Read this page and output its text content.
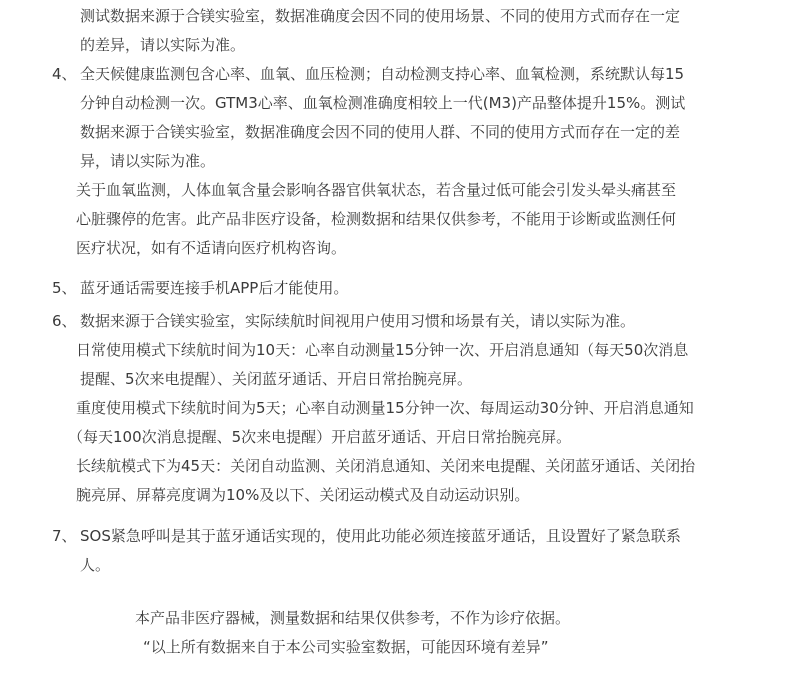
测试数据来源于合镁实验室，数据准确度会因不同的使用场景、不同的使用方式而存在一定
的差异，请以实际为准。
4、 全天候健康监测包含心率、血氧、血压检测；自动检测支持心率、血氧检测，系统默认每15
分钟自动检测一次。GTM3心率、血氧检测准确度相较上一代(M3)产品整体提升15%。测试
数据来源于合镁实验室，数据准确度会因不同的使用人群、不同的使用方式而存在一定的差
异，请以实际为准。
关于血氧监测，人体血氧含量会影响各器官供氧状态，若含量过低可能会引发头晕头痛甚至
心脏骤停的危害。此产品非医疗设备，检测数据和结果仅供参考，不能用于诊断或监测任何
医疗状况，如有不适请向医疗机构咨询。
5、 蓝牙通话需要连接手机APP后才能使用。
6、 数据来源于合镁实验室，实际续航时间视用户使用习惯和场景有关，请以实际为准。
日常使用模式下续航时间为10天：心率自动测量15分钟一次、开启消息通知（每天50次消息
提醒、5次来电提醒）、关闭蓝牙通话、开启日常抬腕亮屏。
重度使用模式下续航时间为5天；心率自动测量15分钟一次、每周运动30分钟、开启消息通知
（每天100次消息提醒、5次来电提醒）开启蓝牙通话、开启日常抬腕亮屏。
长续航模式下为45天：关闭自动监测、关闭消息通知、关闭来电提醒、关闭蓝牙通话、关闭抬
腕亮屏、屏幕亮度调为10%及以下、关闭运动模式及自动运动识别。
7、 SOS紧急呼叫是其于蓝牙通话实现的，使用此功能必须连接蓝牙通话，且设置好了紧急联系
人。
本产品非医疗器械，测量数据和结果仅供参考，不作为诊疗依据。
“以上所有数据来自于本公司实验室数据，可能因环境有差异”
